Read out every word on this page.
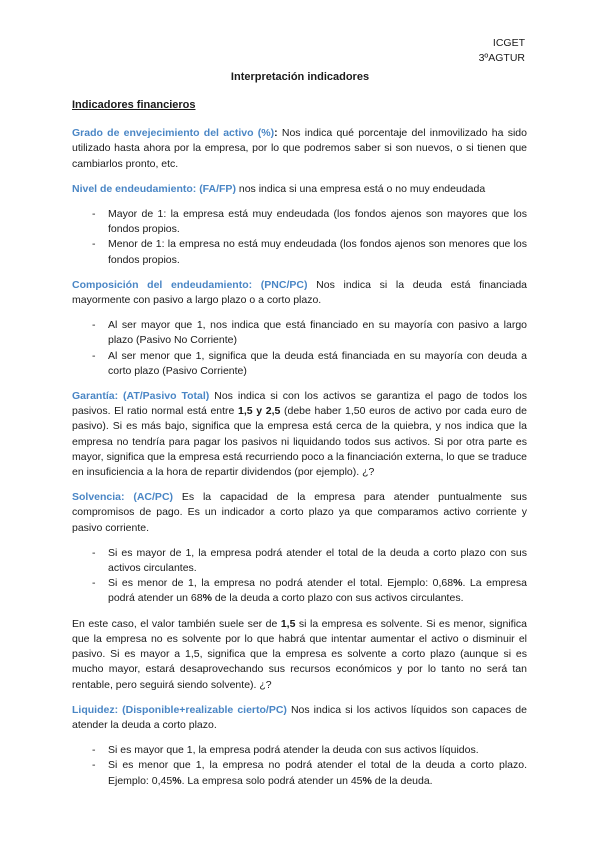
ICGET
3ºAGTUR
Interpretación indicadores
Indicadores financieros

Grado de envejecimiento del activo (%): Nos indica qué porcentaje del inmovilizado ha sido utilizado hasta ahora por la empresa, por lo que podremos saber si son nuevos, o si tienen que cambiarlos pronto, etc.

Nivel de endeudamiento: (FA/FP) nos indica si una empresa está o no muy endeudada

- Mayor de 1: la empresa está muy endeudada (los fondos ajenos son mayores que los fondos propios.
- Menor de 1: la empresa no está muy endeudada (los fondos ajenos son menores que los fondos propios.

Composición del endeudamiento: (PNC/PC) Nos indica si la deuda está financiada mayormente con pasivo a largo plazo o a corto plazo.

- Al ser mayor que 1, nos indica que está financiado en su mayoría con pasivo a largo plazo (Pasivo No Corriente)
- Al ser menor que 1, significa que la deuda está financiada en su mayoría con deuda a corto plazo (Pasivo Corriente)

Garantía: (AT/Pasivo Total) Nos indica si con los activos se garantiza el pago de todos los pasivos. El ratio normal está entre 1,5 y 2,5 (debe haber 1,50 euros de activo por cada euro de pasivo). Si es más bajo, significa que la empresa está cerca de la quiebra, y nos indica que la empresa no tendría para pagar los pasivos ni liquidando todos sus activos. Si por otra parte es mayor, significa que la empresa está recurriendo poco a la financiación externa, lo que se traduce en insuficiencia a la hora de repartir dividendos (por ejemplo). ¿?

Solvencia: (AC/PC) Es la capacidad de la empresa para atender puntualmente sus compromisos de pago. Es un indicador a corto plazo ya que comparamos activo corriente y pasivo corriente.

- Si es mayor de 1, la empresa podrá atender el total de la deuda a corto plazo con sus activos circulantes.
- Si es menor de 1, la empresa no podrá atender el total. Ejemplo: 0,68%. La empresa podrá atender un 68% de la deuda a corto plazo con sus activos circulantes.

En este caso, el valor también suele ser de 1,5 si la empresa es solvente. Si es menor, significa que la empresa no es solvente por lo que habrá que intentar aumentar el activo o disminuir el pasivo. Si es mayor a 1,5, significa que la empresa es solvente a corto plazo (aunque si es mucho mayor, estará desaprovechando sus recursos económicos y por lo tanto no será tan rentable, pero seguirá siendo solvente). ¿?

Liquidez: (Disponible+realizable cierto/PC) Nos indica si los activos líquidos son capaces de atender la deuda a corto plazo.

- Si es mayor que 1, la empresa podrá atender la deuda con sus activos líquidos.
- Si es menor que 1, la empresa no podrá atender el total de la deuda a corto plazo. Ejemplo: 0,45%. La empresa solo podrá atender un 45% de la deuda.
